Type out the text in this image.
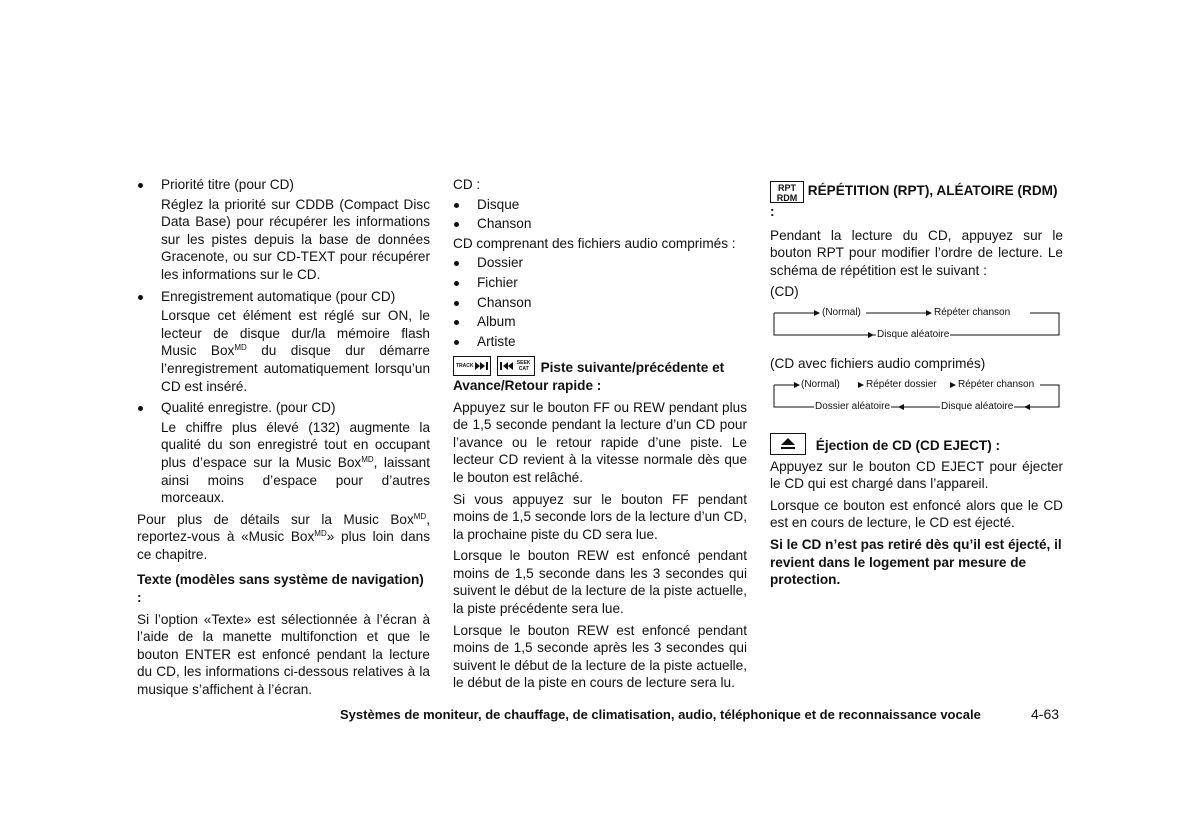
Priorité titre (pour CD)

Réglez la priorité sur CDDB (Compact Disc Data Base) pour récupérer les informations sur les pistes depuis la base de données Gracenote, ou sur CD-TEXT pour récupérer les informations sur le CD.

Enregistrement automatique (pour CD)

Lorsque cet élément est réglé sur ON, le lecteur de disque dur/la mémoire flash Music Box$^{MD}$ du disque dur démarre l’enregistrement automatiquement lorsqu’un CD est inséré.

Qualité enregistre. (pour CD)

Le chiffre plus élevé (132) augmente la qualité du son enregistré tout en occupant plus d’espace sur la Music Box$^{MD}$, laissant ainsi moins d’espace pour d’autres morceaux.

Pour plus de détails sur la Music Box$^{MD}$, reportez-vous à «Music Box$^{MD}$» plus loin dans ce chapitre.

Texte (modèles sans système de navigation) :

Si l’option «Texte» est sélectionnée à l’écran à l’aide de la manette multifonction et que le bouton ENTER est enfoncé pendant la lecture du CD, les informations ci-dessous relatives à la musique s’affichent à l’écran.

CD :

Disque
Chanson

CD comprenant des fichiers audio comprimés :

Dossier
Fichier
Chanson
Album
Artiste
TRACK
	SEEK
CAT Piste suivante/précédente et Avance/Retour rapide :

Appuyez sur le bouton FF ou REW pendant plus de 1,5 seconde pendant la lecture d’un CD pour l’avance ou le retour rapide d’une piste. Le lecteur CD revient à la vitesse normale dès que le bouton est relâché.

Si vous appuyez sur le bouton FF pendant moins de 1,5 seconde lors de la lecture d’un CD, la prochaine piste du CD sera lue.

Lorsque le bouton REW est enfoncé pendant moins de 1,5 seconde dans les 3 secondes qui suivent le début de la lecture de la piste actuelle, la piste précédente sera lue.

Lorsque le bouton REW est enfoncé pendant moins de 1,5 seconde après les 3 secondes qui suivent le début de la lecture de la piste actuelle, le début de la piste en cours de lecture sera lu.

RPT
RDM RÉPÉTITION (RPT), ALÉATOIRE (RDM) :

Pendant la lecture du CD, appuyez sur le bouton RPT pour modifier l’ordre de lecture. Le schéma de répétition est le suivant :

(CD)

(Normal)	Répéter chanson
Disque aléatoire

(CD avec fichiers audio comprimés)

(Normal)	Répéter dossier Répéter chanson
Dossier aléatoire	Disque aléatoire
Éjection de CD (CD EJECT) :

Appuyez sur le bouton CD EJECT pour éjecter le CD qui est chargé dans l’appareil.

Lorsque ce bouton est enfoncé alors que le CD est en cours de lecture, le CD est éjecté.

Si le CD n’est pas retiré dès qu’il est éjecté, il revient dans le logement par mesure de protection.

Systèmes de moniteur, de chauffage, de climatisation, audio, téléphonique et de reconnaissance vocale	4-63
